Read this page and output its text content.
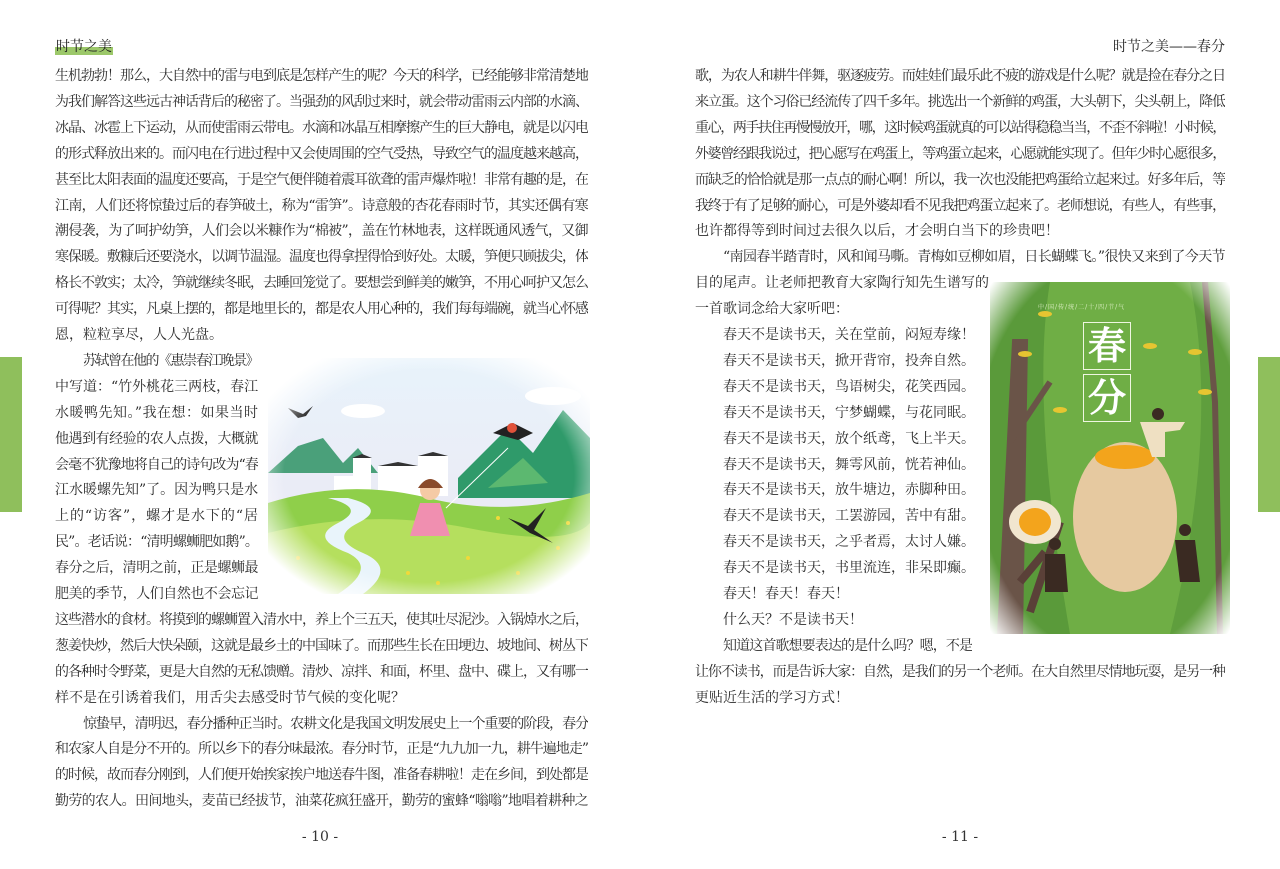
时节之美	时节之美——春分
生机勃勃！那么，大自然中的雷与电到底是怎样产生的呢？今天的科学，已经能够非常清楚地
为我们解答这些远古神话背后的秘密了。当强劲的风刮过来时，就会带动雷雨云内部的水滴、
冰晶、冰雹上下运动，从而使雷雨云带电。水滴和冰晶互相摩擦产生的巨大静电，就是以闪电
的形式释放出来的。而闪电在行进过程中又会使周围的空气受热，导致空气的温度越来越高，
甚至比太阳表面的温度还要高，于是空气便伴随着震耳欲聋的雷声爆炸啦！非常有趣的是，在
江南，人们还将惊蛰过后的春笋破土，称为“雷笋”。诗意般的杏花春雨时节，其实还偶有寒
潮侵袭，为了呵护幼笋，人们会以米糠作为“棉被”，盖在竹林地表，这样既通风透气，又御
寒保暖。敷糠后还要浇水，以调节温湿。温度也得拿捏得恰到好处。太暖，笋便只顾拔尖，体
格长不敦实；太冷，笋就继续冬眠，去睡回笼觉了。要想尝到鲜美的嫩笋，不用心呵护又怎么
可得呢？其实，凡桌上摆的，都是地里长的，都是农人用心种的，我们每每端碗，就当心怀感
恩，粒粒享尽，人人光盘。
苏轼曾在他的《惠崇春江晚景》
中写道：“竹外桃花三两枝，春江
水暖鸭先知。”我在想：如果当时
他遇到有经验的农人点拨，大概就
会毫不犹豫地将自己的诗句改为“春
江水暖螺先知”了。因为鸭只是水
上的“访客”，螺才是水下的“居
民”。老话说：“清明螺蛳肥如鹅”。
春分之后，清明之前，正是螺蛳最
肥美的季节，人们自然也不会忘记
这些潜水的食材。将摸到的螺蛳置入清水中，养上个三五天，使其吐尽泥沙。入锅焯水之后，
葱姜快炒，然后大快朵颐，这就是最乡土的中国味了。而那些生长在田埂边、坡地间、树丛下
的各种时令野菜，更是大自然的无私馈赠。清炒、凉拌、和面，杯里、盘中、碟上，又有哪一
样不是在引诱着我们，用舌尖去感受时节气候的变化呢？
惊蛰早，清明迟，春分播种正当时。农耕文化是我国文明发展史上一个重要的阶段，春分
和农家人自是分不开的。所以乡下的春分味最浓。春分时节，正是“九九加一九，耕牛遍地走”
的时候，故而春分刚到，人们便开始挨家挨户地送春牛图，准备春耕啦！走在乡间，到处都是
勤劳的农人。田间地头，麦苗已经拔节，油菜花疯狂盛开，勤劳的蜜蜂“嗡嗡”地唱着耕种之
歌，为农人和耕牛伴舞，驱逐疲劳。而娃娃们最乐此不疲的游戏是什么呢？就是捡在春分之日
来立蛋。这个习俗已经流传了四千多年。挑选出一个新鲜的鸡蛋，大头朝下，尖头朝上，降低
重心，两手扶住再慢慢放开，哪，这时候鸡蛋就真的可以站得稳稳当当，不歪不斜啦！小时候，
外婆曾经跟我说过，把心愿写在鸡蛋上，等鸡蛋立起来，心愿就能实现了。但年少时心愿很多，
而缺乏的恰恰就是那一点点的耐心啊！所以，我一次也没能把鸡蛋给立起来过。好多年后，等
我终于有了足够的耐心，可是外婆却看不见我把鸡蛋立起来了。老师想说，有些人，有些事，
也许都得等到时间过去很久以后，才会明白当下的珍贵吧！
“南园春半踏青时，风和闻马嘶。青梅如豆柳如眉，日长蝴蝶飞。”很快又来到了今天节
目的尾声。让老师把教育大家陶行知先生谱写的
一首歌词念给大家听吧：
春天不是读书天，关在堂前，闷短寿缘！
春天不是读书天，掀开背帘，投奔自然。
春天不是读书天，鸟语树尖，花笑西园。
春天不是读书天，宁梦蝴蝶，与花同眠。
春天不是读书天，放个纸鸢，飞上半天。
春天不是读书天，舞雩风前，恍若神仙。
春天不是读书天，放牛塘边，赤脚种田。
春天不是读书天，工罢游园，苦中有甜。
春天不是读书天，之乎者焉，太讨人嫌。
春天不是读书天，书里流连，非呆即癫。
春天！春天！春天！
什么天？不是读书天！
知道这首歌想要表达的是什么吗？嗯，不是
让你不读书，而是告诉大家：自然，是我们的另一个老师。在大自然里尽情地玩耍，是另一种
更贴近生活的学习方式！
中/国/传/统/二/十/四/节/气
春
分
- 10 -	- 11 -
